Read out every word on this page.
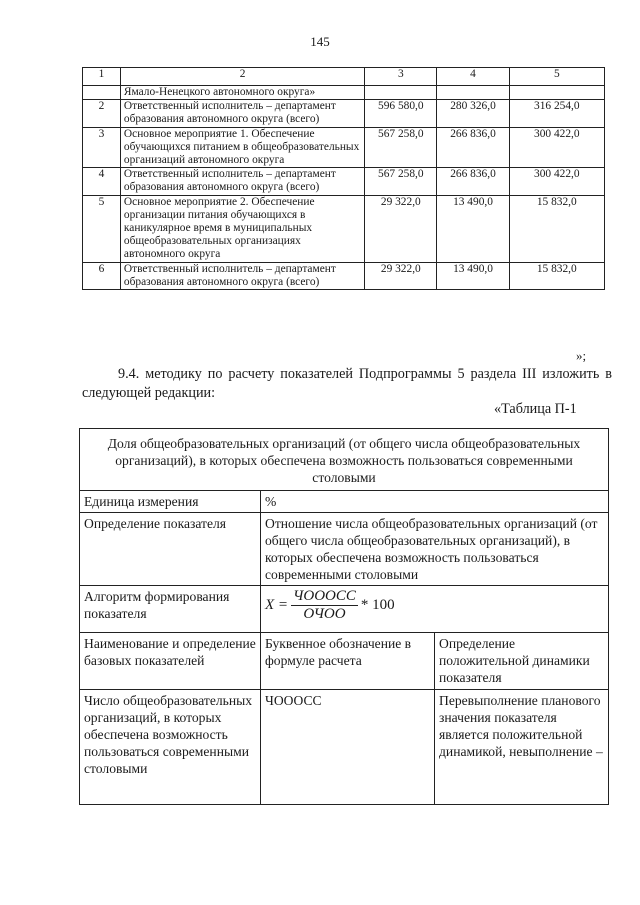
145
1	2	3	4	5
	Ямало-Ненецкого автономного округа»			
2	Ответственный исполнитель – департамент образования автономного округа (всего)	596 580,0	280 326,0	316 254,0
3	Основное мероприятие 1. Обеспечение обучающихся питанием в общеобразовательных организаций автономного округа	567 258,0	266 836,0	300 422,0
4	Ответственный исполнитель – департамент образования автономного округа (всего)	567 258,0	266 836,0	300 422,0
5	Основное мероприятие 2. Обеспечение организации питания обучающихся в каникулярное время в муниципальных общеобразовательных организациях автономного округа	29 322,0	13 490,0	15 832,0
6	Ответственный исполнитель – департамент образования автономного округа (всего)	29 322,0	13 490,0	15 832,0
»;
9.4. методику по расчету показателей Подпрограммы 5 раздела III изложить в следующей редакции:
«Таблица П-1
Доля общеобразовательных организаций (от общего числа общеобразовательных организаций), в которых обеспечена возможность пользоваться современными столовыми		
Единица измерения	%	
Определение показателя	Отношение числа общеобразовательных организаций (от общего числа общеобразовательных организаций), в которых обеспечена возможность пользоваться современными столовыми	
Алгоритм формирования показателя	$X = \frac{\text{ЧОООСС}}{\text{ОЧОО}} * 100$	

Наименование и определение базовых показателей	Буквенное обозначение в формуле расчета	Определение положительной динамики показателя
Число общеобразовательных организаций, в которых обеспечена возможность пользоваться современными столовыми	ЧОООСС	Перевыполнение планового значения показателя является положительной динамикой, невыполнение –
